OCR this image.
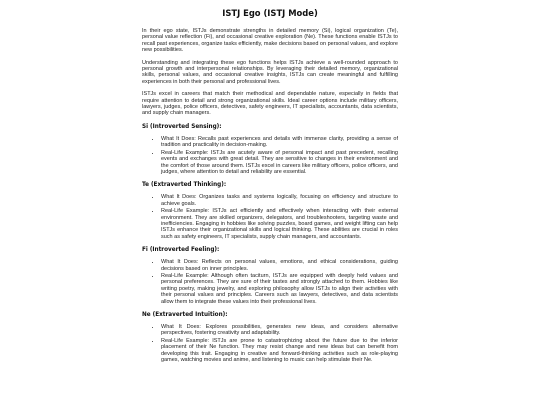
ISTJ Ego (ISTJ Mode)

In their ego state, ISTJs demonstrate strengths in detailed memory (Si), logical organization (Te), personal value reflection (Fi), and occasional creative exploration (Ne). These functions enable ISTJs to recall past experiences, organize tasks efficiently, make decisions based on personal values, and explore new possibilities.

Understanding and integrating these ego functions helps ISTJs achieve a well-rounded approach to personal growth and interpersonal relationships. By leveraging their detailed memory, organizational skills, personal values, and occasional creative insights, ISTJs can create meaningful and fulfilling experiences in both their personal and professional lives.

ISTJs excel in careers that match their methodical and dependable nature, especially in fields that require attention to detail and strong organizational skills. Ideal career options include military officers, lawyers, judges, police officers, detectives, safety engineers, IT specialists, accountants, data scientists, and supply chain managers.

Si (Introverted Sensing):
• What It Does: Recalls past experiences and details with immense clarity, providing a sense of tradition and practicality in decision-making.
• Real-Life Example: ISTJs are acutely aware of personal impact and past precedent, recalling events and exchanges with great detail. They are sensitive to changes in their environment and the comfort of those around them. ISTJs excel in careers like military officers, police officers, and judges, where attention to detail and reliability are essential.
Te (Extraverted Thinking):
• What It Does: Organizes tasks and systems logically, focusing on efficiency and structure to achieve goals.
• Real-Life Example: ISTJs act efficiently and effectively when interacting with their external environment. They are skilled organizers, delegators, and troubleshooters, targeting waste and inefficiencies. Engaging in hobbies like solving puzzles, board games, and weight lifting can help ISTJs enhance their organizational skills and logical thinking. These abilities are crucial in roles such as safety engineers, IT specialists, supply chain managers, and accountants.
Fi (Introverted Feeling):
• What It Does: Reflects on personal values, emotions, and ethical considerations, guiding decisions based on inner principles.
• Real-Life Example: Although often taciturn, ISTJs are equipped with deeply held values and personal preferences. They are sure of their tastes and strongly attached to them. Hobbies like writing poetry, making jewelry, and exploring philosophy allow ISTJs to align their activities with their personal values and principles. Careers such as lawyers, detectives, and data scientists allow them to integrate these values into their professional lives.
Ne (Extraverted Intuition):
• What It Does: Explores possibilities, generates new ideas, and considers alternative perspectives, fostering creativity and adaptability.
• Real-Life Example: ISTJs are prone to catastrophizing about the future due to the inferior placement of their Ne function. They may resist change and new ideas but can benefit from developing this trait. Engaging in creative and forward-thinking activities such as role-playing games, watching movies and anime, and listening to music can help stimulate their Ne.
